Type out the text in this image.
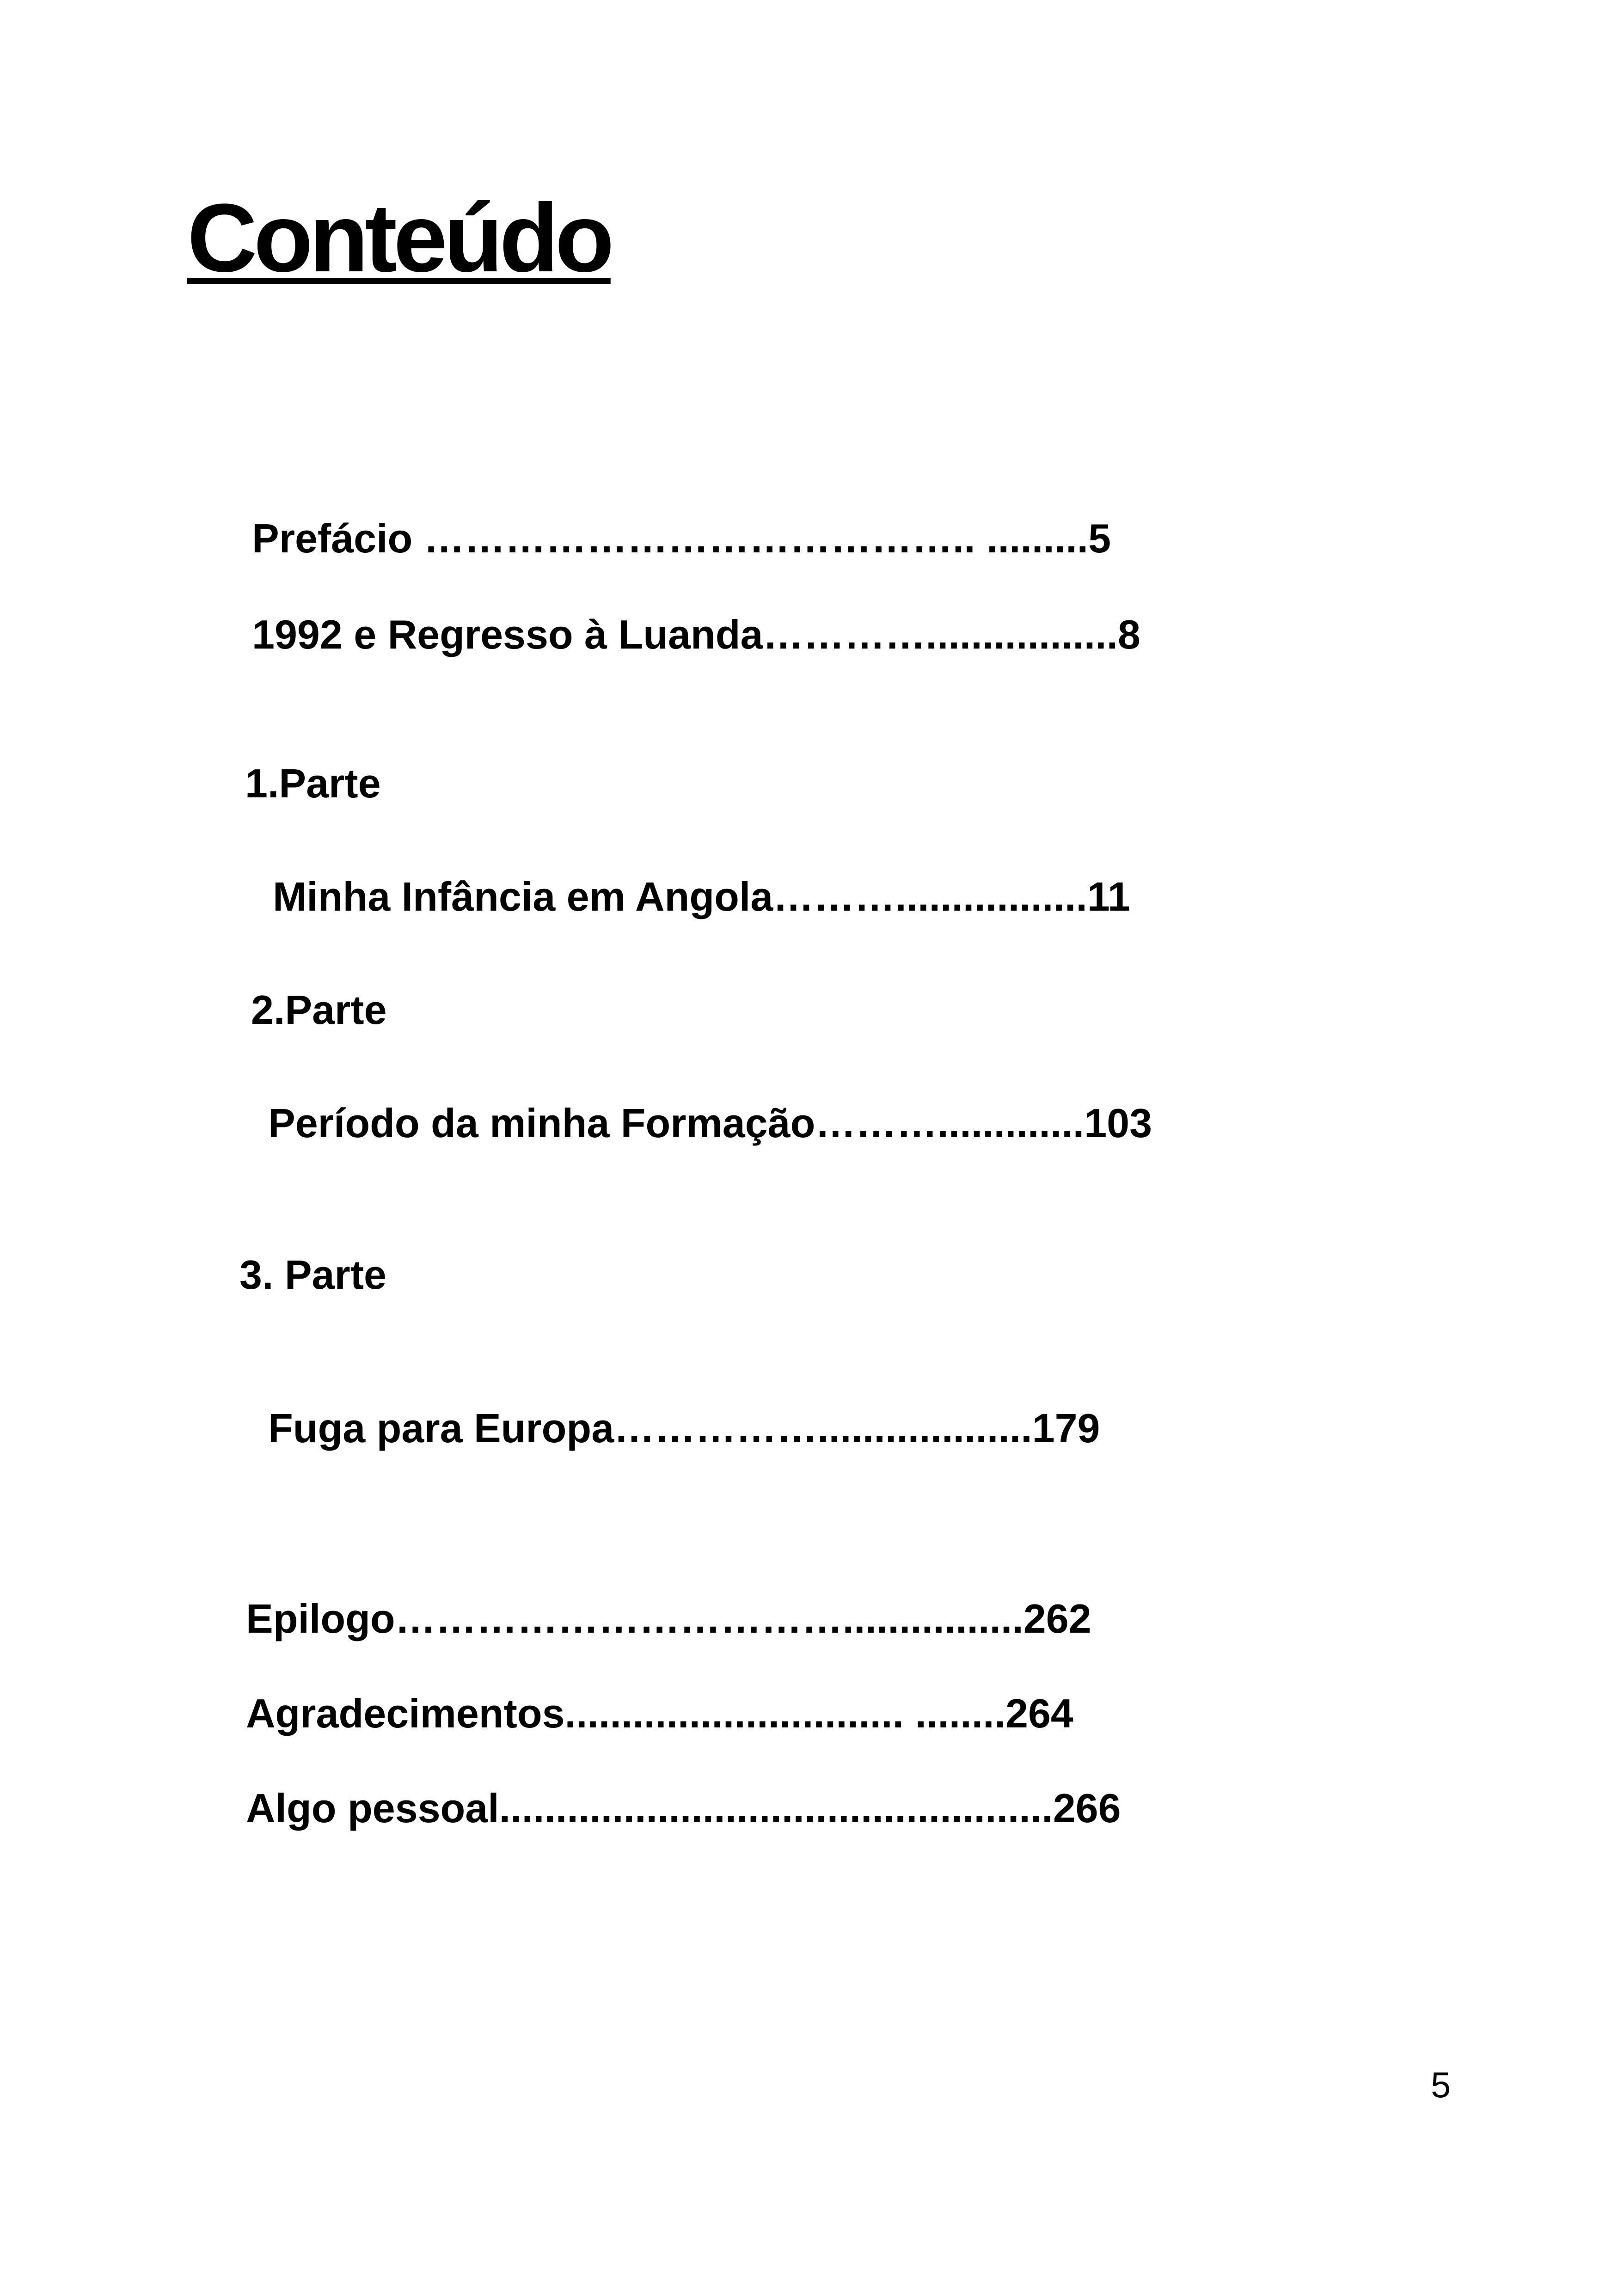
Conteúdo
Prefácio ………………………………….. .........5
1992 e Regresso à Luanda………….................8
1.Parte
Minha Infância em Angola……….................11
2.Parte
Período da minha Formação……….............103
3. Parte
Fuga para Europa……………...................179
Epilogo……………………………................262
Agradecimentos.............................. ........264
Algo pessoal.................................................266
5
